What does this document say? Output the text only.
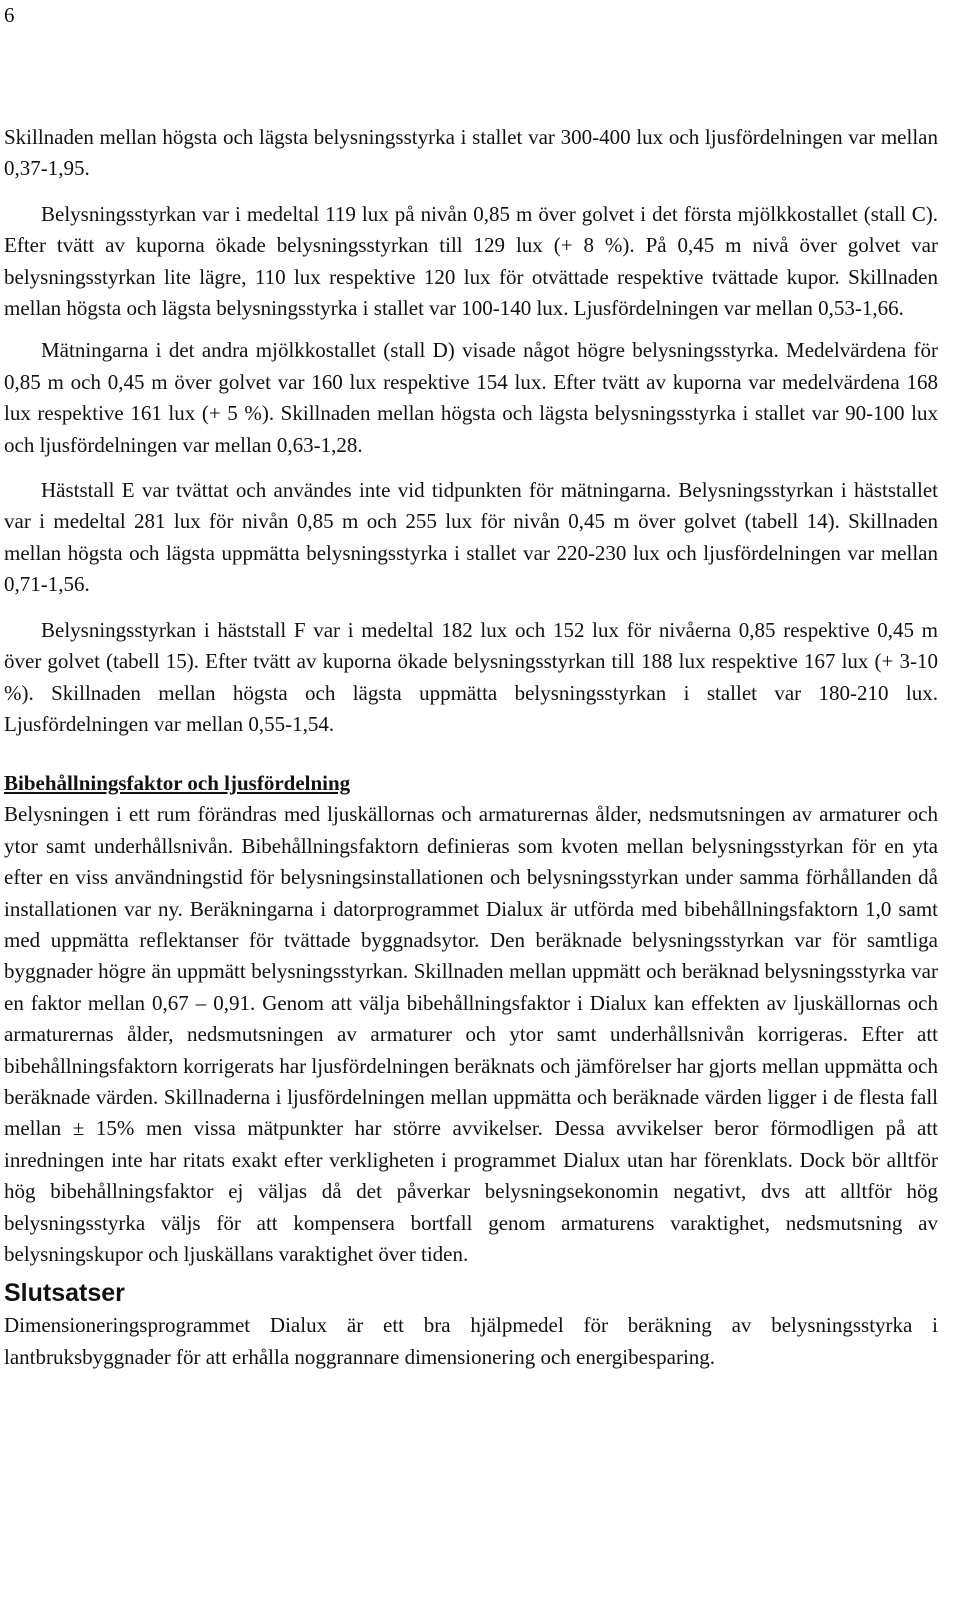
6

Skillnaden mellan högsta och lägsta belysningsstyrka i stallet var 300-400 lux och ljusfördelningen var mellan 0,37-1,95.

Belysningsstyrkan var i medeltal 119 lux på nivån 0,85 m över golvet i det första mjölkkostallet (stall C). Efter tvätt av kuporna ökade belysningsstyrkan till 129 lux (+ 8 %). På 0,45 m nivå över golvet var belysningsstyrkan lite lägre, 110 lux respektive 120 lux för otvättade respektive tvättade kupor. Skillnaden mellan högsta och lägsta belysningsstyrka i stallet var 100-140 lux. Ljusfördelningen var mellan 0,53-1,66.

Mätningarna i det andra mjölkkostallet (stall D) visade något högre belysningsstyrka. Medelvärdena för 0,85 m och 0,45 m över golvet var 160 lux respektive 154 lux. Efter tvätt av kuporna var medelvärdena 168 lux respektive 161 lux (+ 5 %). Skillnaden mellan högsta och lägsta belysningsstyrka i stallet var 90-100 lux och ljusfördelningen var mellan 0,63-1,28.

Häststall E var tvättat och användes inte vid tidpunkten för mätningarna. Belysningsstyrkan i häststallet var i medeltal 281 lux för nivån 0,85 m och 255 lux för nivån 0,45 m över golvet (tabell 14). Skillnaden mellan högsta och lägsta uppmätta belysningsstyrka i stallet var 220-230 lux och ljusfördelningen var mellan 0,71-1,56.

Belysningsstyrkan i häststall F var i medeltal 182 lux och 152 lux för nivåerna 0,85 respektive 0,45 m över golvet (tabell 15). Efter tvätt av kuporna ökade belysningsstyrkan till 188 lux respektive 167 lux (+ 3-10 %). Skillnaden mellan högsta och lägsta uppmätta belysningsstyrkan i stallet var 180-210 lux. Ljusfördelningen var mellan 0,55-1,54.

Bibehållningsfaktor och ljusfördelning

Belysningen i ett rum förändras med ljuskällornas och armaturernas ålder, nedsmutsningen av armaturer och ytor samt underhållsnivån. Bibehållningsfaktorn definieras som kvoten mellan belysningsstyrkan för en yta efter en viss användningstid för belysningsinstallationen och belysningsstyrkan under samma förhållanden då installationen var ny. Beräkningarna i datorprogrammet Dialux är utförda med bibehållningsfaktorn 1,0 samt med uppmätta reflektanser för tvättade byggnadsytor. Den beräknade belysningsstyrkan var för samtliga byggnader högre än uppmätt belysningsstyrkan. Skillnaden mellan uppmätt och beräknad belysningsstyrka var en faktor mellan 0,67 – 0,91. Genom att välja bibehållningsfaktor i Dialux kan effekten av ljuskällornas och armaturernas ålder, nedsmutsningen av armaturer och ytor samt underhållsnivån korrigeras. Efter att bibehållningsfaktorn korrigerats har ljusfördelningen beräknats och jämförelser har gjorts mellan uppmätta och beräknade värden. Skillnaderna i ljusfördelningen mellan uppmätta och beräknade värden ligger i de flesta fall mellan ± 15% men vissa mätpunkter har större avvikelser. Dessa avvikelser beror förmodligen på att inredningen inte har ritats exakt efter verkligheten i programmet Dialux utan har förenklats. Dock bör alltför hög bibehållningsfaktor ej väljas då det påverkar belysningsekonomin negativt, dvs att alltför hög belysningsstyrka väljs för att kompensera bortfall genom armaturens varaktighet, nedsmutsning av belysningskupor och ljuskällans varaktighet över tiden.

Slutsatser

Dimensioneringsprogrammet Dialux är ett bra hjälpmedel för beräkning av belysningsstyrka i lantbruksbyggnader för att erhålla noggrannare dimensionering och energibesparing.
